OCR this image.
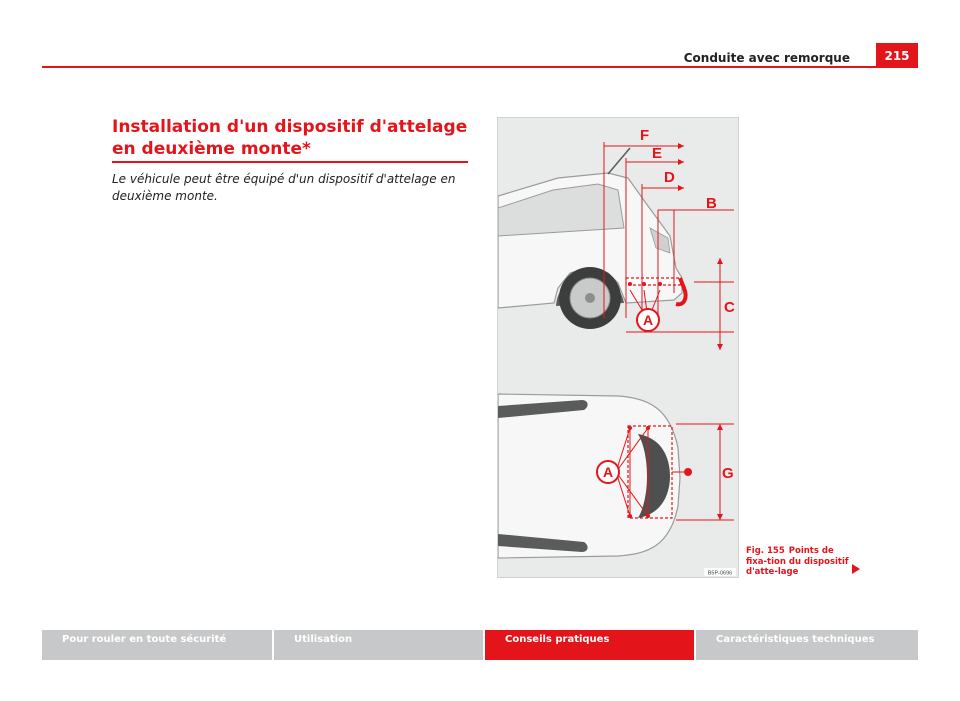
215
Conduite avec remorque
Installation d'un dispositif d'attelage en deuxième monte*

Le véhicule peut être équipé d'un dispositif d'attelage en deuxième monte.

F
E
D
B
C
G
A
A
B5P-0696
Fig. 155 Points de fixa-tion du dispositif d'atte-lage
Pour rouler en toute sécurité	Utilisation	Conseils pratiques	Caractéristiques techniques
